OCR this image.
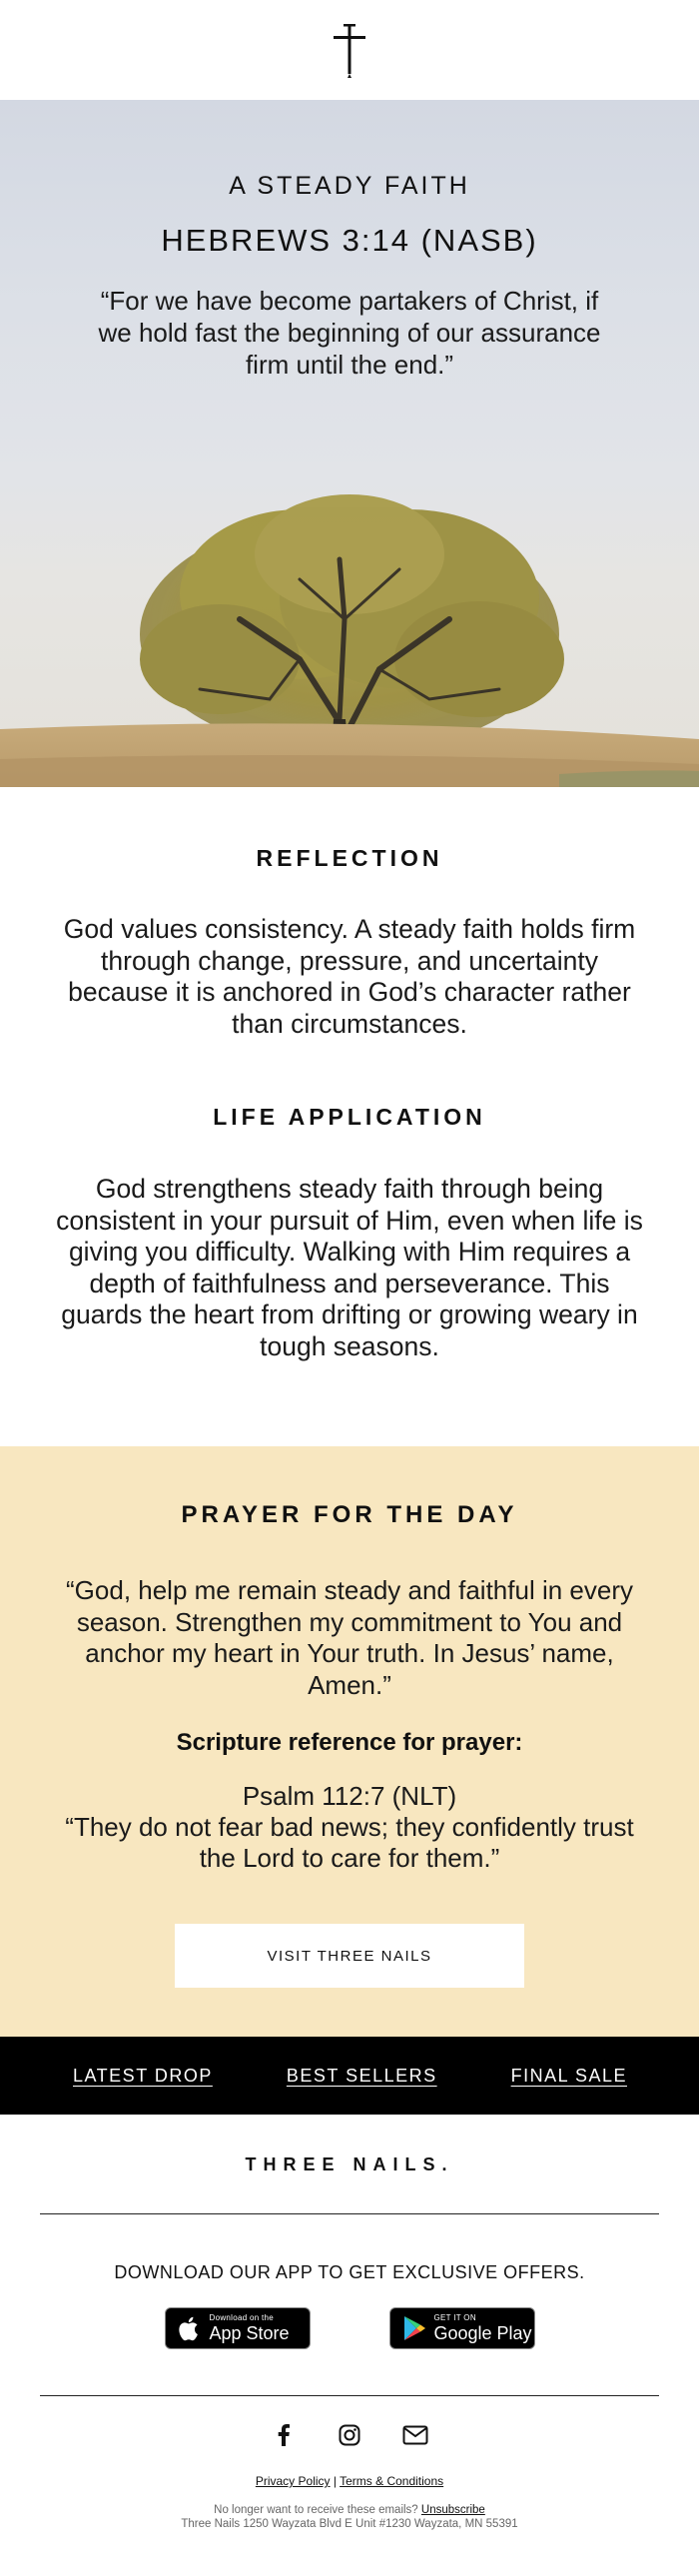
A STEADY FAITH
HEBREWS 3:14 (NASB)
“For we have become partakers of Christ, if we hold fast the beginning of our assurance firm until the end.”
REFLECTION
God values consistency. A steady faith holds firm through change, pressure, and uncertainty because it is anchored in God’s character rather than circumstances.
LIFE APPLICATION
God strengthens steady faith through being consistent in your pursuit of Him, even when life is giving you difficulty. Walking with Him requires a depth of faithfulness and perseverance. This guards the heart from drifting or growing weary in tough seasons.
PRAYER FOR THE DAY
“God, help me remain steady and faithful in every season. Strengthen my commitment to You and anchor my heart in Your truth. In Jesus’ name, Amen.”
Scripture reference for prayer:
Psalm 112:7 (NLT)
“They do not fear bad news; they confidently trust the Lord to care for them.”
VISIT THREE NAILS
LATEST DROP	BEST SELLERS	FINAL SALE
THREE NAILS.
DOWNLOAD OUR APP TO GET EXCLUSIVE OFFERS.
Download on the
App Store
GET IT ON
Google Play
Privacy Policy | Terms & Conditions
No longer want to receive these emails? Unsubscribe
Three Nails 1250 Wayzata Blvd E Unit #1230 Wayzata, MN 55391
